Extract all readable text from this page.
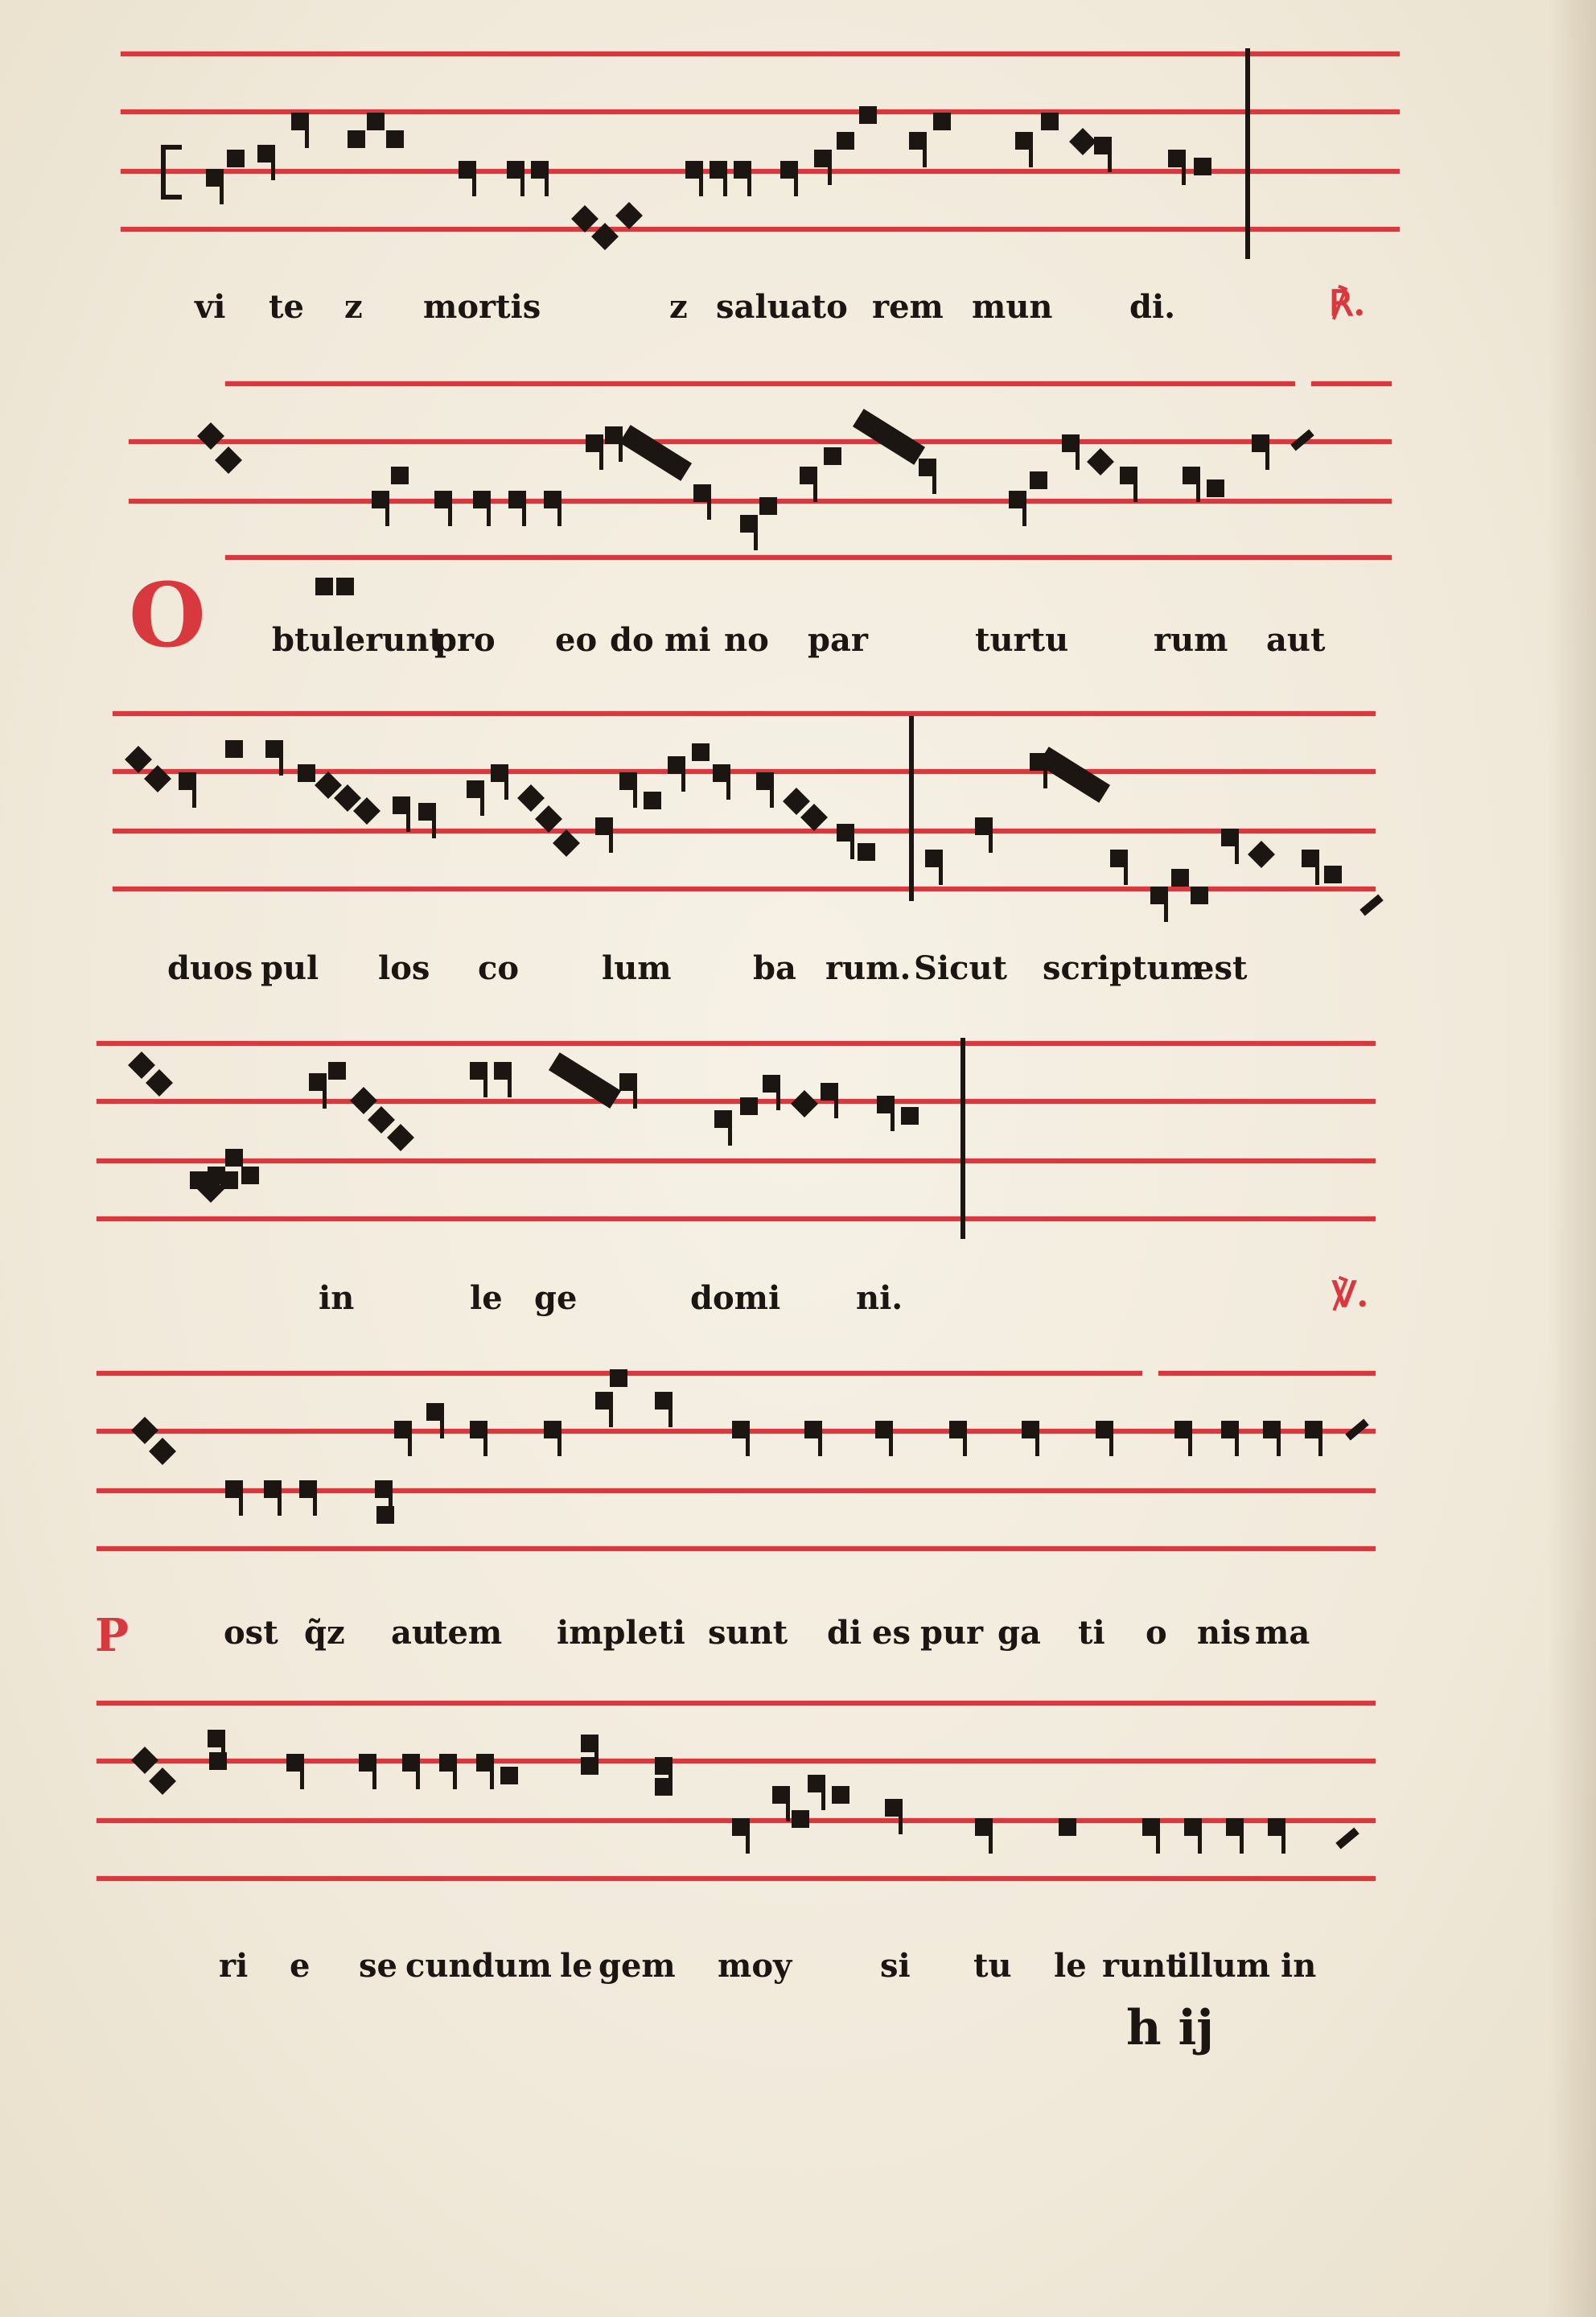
vi te z mortis	z saluato rem mun di.	℟.
O btulerunt
pro eo do mi no par	turtu	rum aut
duos pul los co	lum	ba rum. Sicut scriptum
est
in	le ge	domi ni.	℣.
P	ost q̃z au
tem impleti sunt di es pur ga ti o nis ma
ri e se cundum le gem moy	si tu le runt
illum in
h ij
